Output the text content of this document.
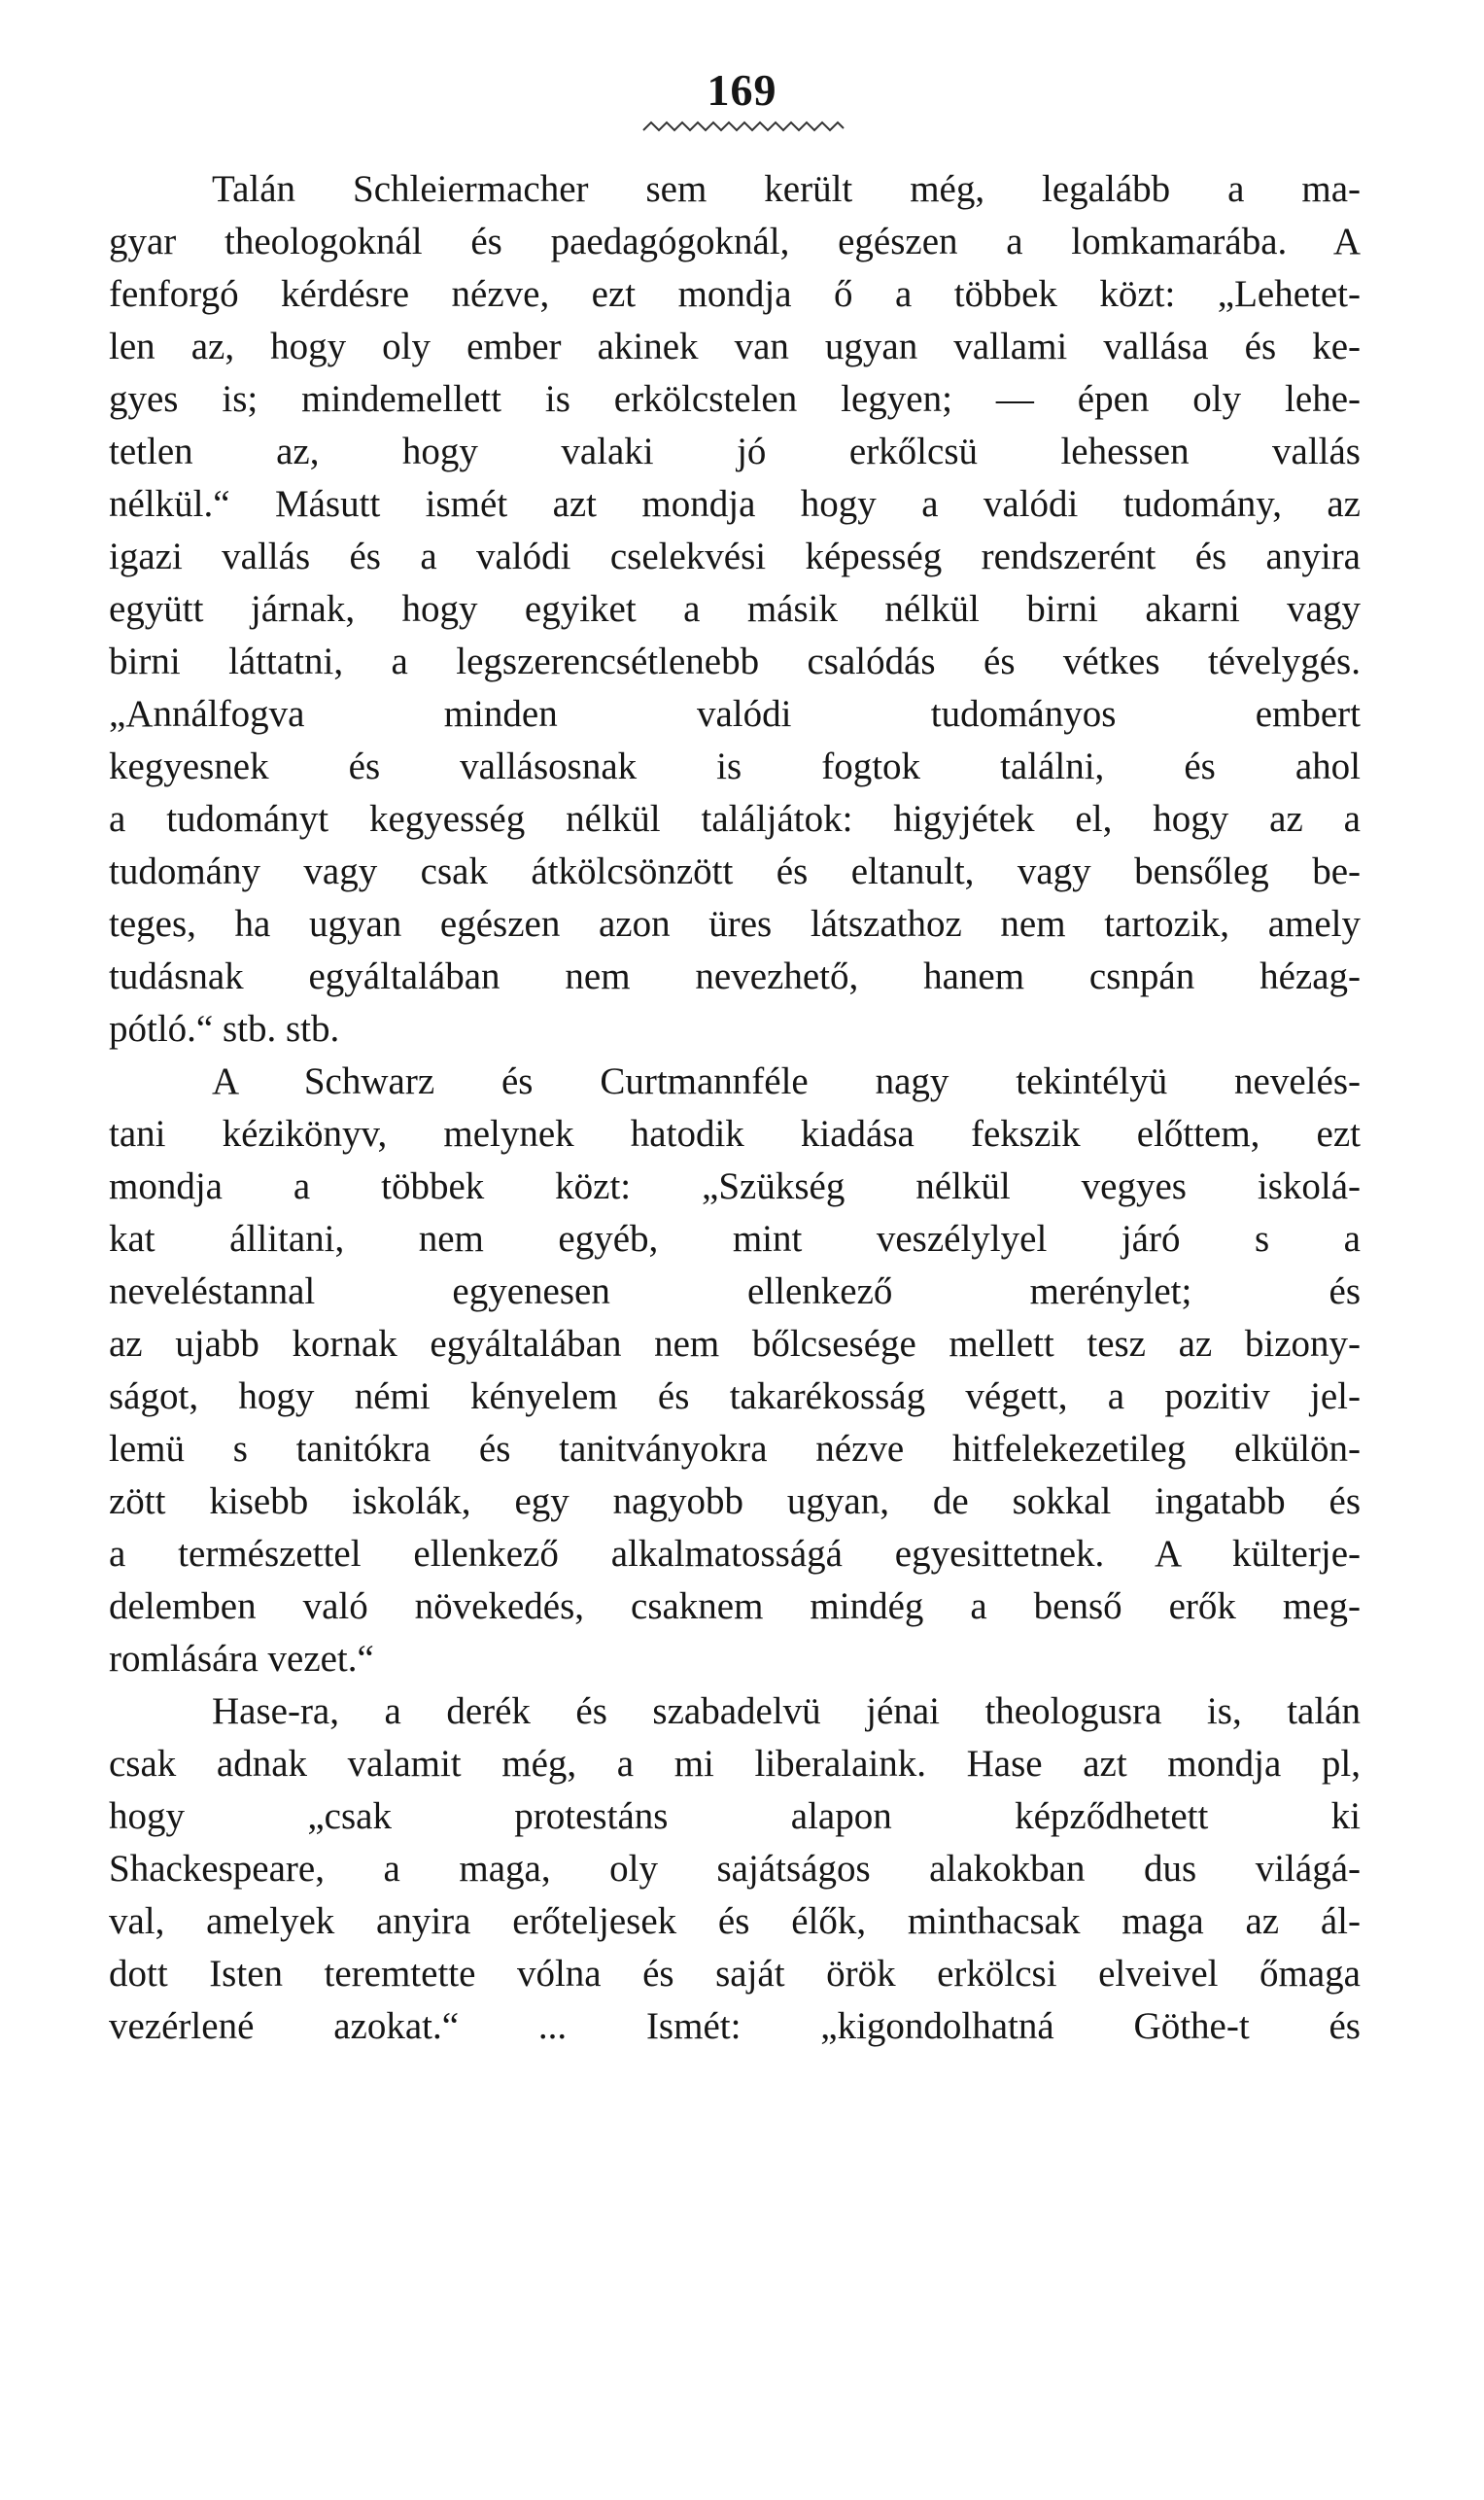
169
Talán Schleiermacher sem került még, legalább a ma-
gyar theologoknál és paedagógoknál, egészen a lomkamarába. A
fenforgó kérdésre nézve, ezt mondja ő a többek közt: „Lehetet-
len az, hogy oly ember akinek van ugyan vallami vallása és ke-
gyes is; mindemellett is erkölcstelen legyen; — épen oly lehe-
tetlen az, hogy valaki jó erkőlcsü lehessen vallás
nélkül.“ Másutt ismét azt mondja hogy a valódi tudomány, az
igazi vallás és a valódi cselekvési képesség rendszerént és anyira
együtt járnak, hogy egyiket a másik nélkül birni akarni vagy
birni láttatni, a legszerencsétlenebb csalódás és vétkes tévelygés.
„Annálfogva minden valódi tudományos embert
kegyesnek és vallásosnak is fogtok találni, és ahol
a tudományt kegyesség nélkül találjátok: higyjétek el, hogy az a
tudomány vagy csak átkölcsönzött és eltanult, vagy bensőleg be-
teges, ha ugyan egészen azon üres látszathoz nem tartozik, amely
tudásnak egyáltalában nem nevezhető, hanem csnpán hézag-
pótló.“ stb. stb.
A Schwarz és Curtmannféle nagy tekintélyü nevelés-
tani kézikönyv, melynek hatodik kiadása fekszik előttem, ezt
mondja a többek közt: „Szükség nélkül vegyes iskolá-
kat állitani, nem egyéb, mint veszélylyel járó s a
neveléstannal egyenesen ellenkező merénylet; és
az ujabb kornak egyáltalában nem bőlcsesége mellett tesz az bizony-
ságot, hogy némi kényelem és takarékosság végett, a pozitiv jel-
lemü s tanitókra és tanitványokra nézve hitfelekezetileg elkülön-
zött kisebb iskolák, egy nagyobb ugyan, de sokkal ingatabb és
a természettel ellenkező alkalmatosságá egyesittetnek. A külterje-
delemben való növekedés, csaknem mindég a benső erők meg-
romlására vezet.“
Hase-ra, a derék és szabadelvü jénai theologusra is, talán
csak adnak valamit még, a mi liberalaink. Hase azt mondja pl,
hogy „csak protestáns alapon képződhetett ki
Shackespeare, a maga, oly sajátságos alakokban dus világá-
val, amelyek anyira erőteljesek és élők, minthacsak maga az ál-
dott Isten teremtette vólna és saját örök erkölcsi elveivel őmaga
vezérlené azokat.“ ... Ismét: „kigondolhatná Göthe-t és
